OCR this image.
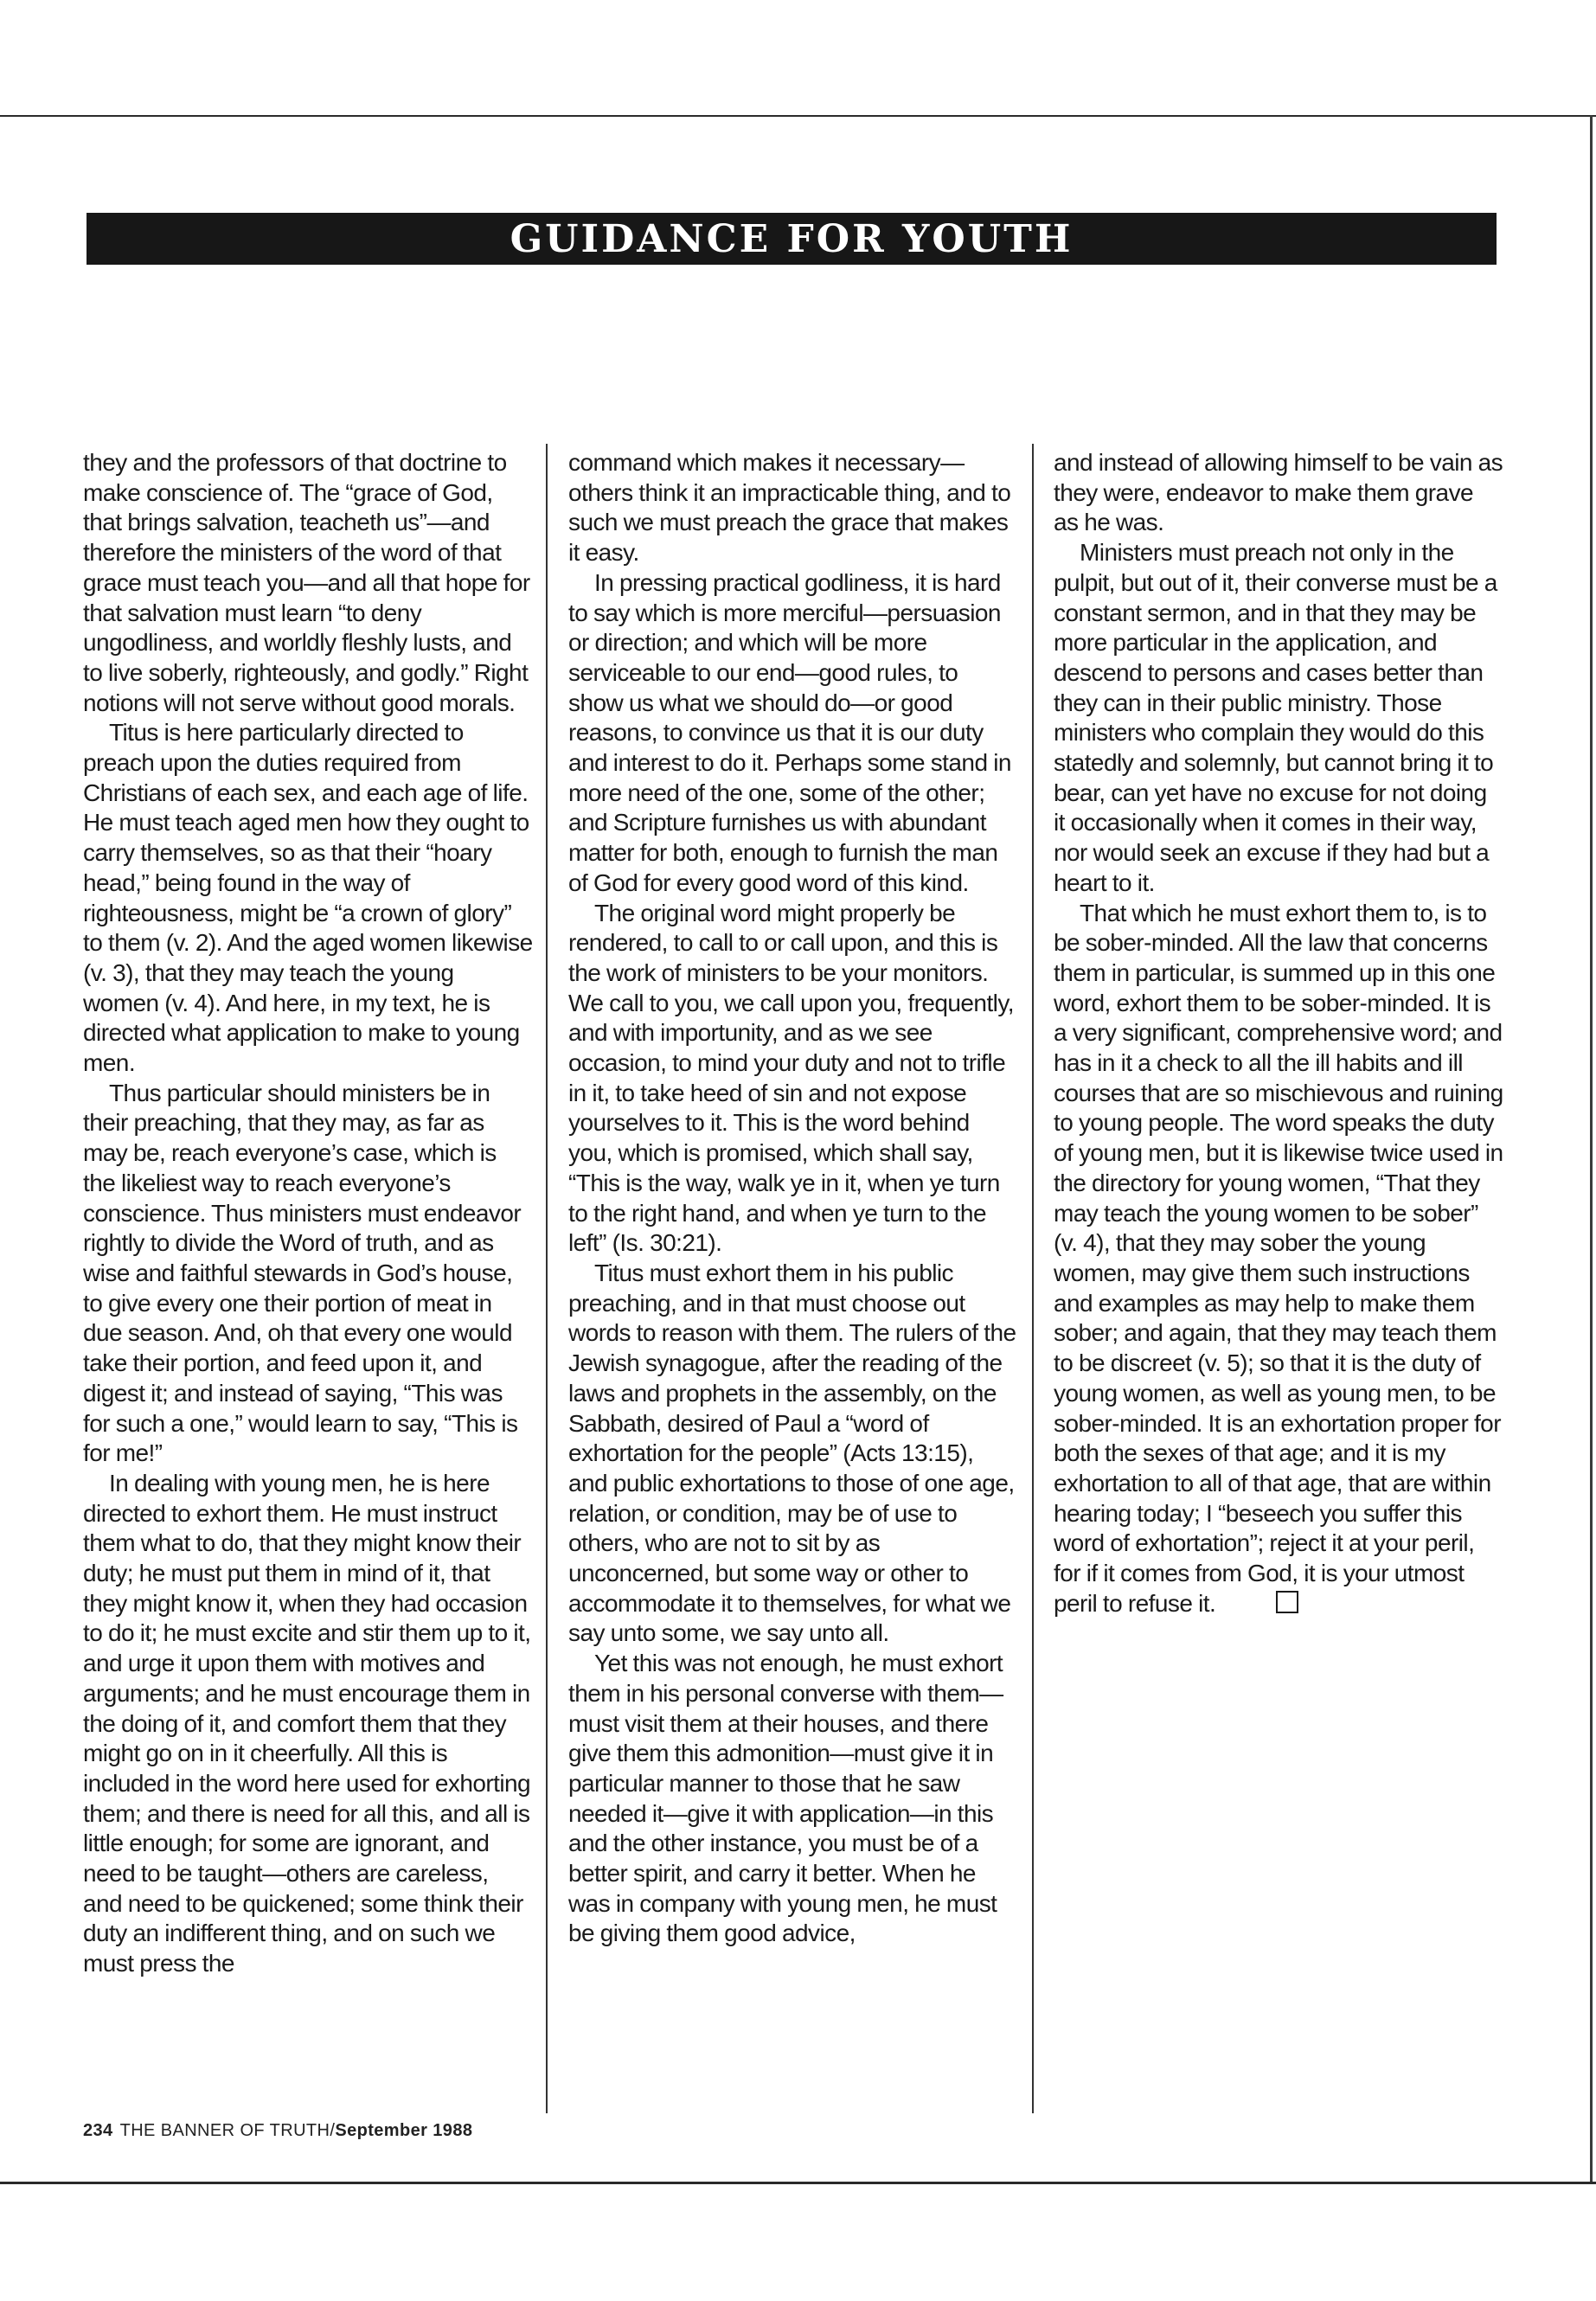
GUIDANCE FOR YOUTH

they and the professors of that doctrine to make conscience of. The “grace of God, that brings salvation, teacheth us”—and therefore the ministers of the word of that grace must teach you—and all that hope for that salvation must learn “to deny ungodliness, and worldly fleshly lusts, and to live soberly, righteously, and godly.” Right notions will not serve without good morals.

Titus is here particularly directed to preach upon the duties required from Christians of each sex, and each age of life. He must teach aged men how they ought to carry themselves, so as that their “hoary head,” being found in the way of righteousness, might be “a crown of glory” to them (v. 2). And the aged women likewise (v. 3), that they may teach the young women (v. 4). And here, in my text, he is directed what application to make to young men.

Thus particular should ministers be in their preaching, that they may, as far as may be, reach everyone’s case, which is the likeliest way to reach everyone’s conscience. Thus ministers must endeavor rightly to divide the Word of truth, and as wise and faithful stewards in God’s house, to give every one their portion of meat in due season. And, oh that every one would take their portion, and feed upon it, and digest it; and instead of saying, “This was for such a one,” would learn to say, “This is for me!”

In dealing with young men, he is here directed to exhort them. He must instruct them what to do, that they might know their duty; he must put them in mind of it, that they might know it, when they had occasion to do it; he must excite and stir them up to it, and urge it upon them with motives and arguments; and he must encourage them in the doing of it, and comfort them that they might go on in it cheerfully. All this is included in the word here used for exhorting them; and there is need for all this, and all is little enough; for some are ignorant, and need to be taught—others are careless, and need to be quickened; some think their duty an indifferent thing, and on such we must press the

command which makes it necessary—others think it an impracticable thing, and to such we must preach the grace that makes it easy.

In pressing practical godliness, it is hard to say which is more merciful—persuasion or direction; and which will be more serviceable to our end—good rules, to show us what we should do—or good reasons, to convince us that it is our duty and interest to do it. Perhaps some stand in more need of the one, some of the other; and Scripture furnishes us with abundant matter for both, enough to furnish the man of God for every good word of this kind.

The original word might properly be rendered, to call to or call upon, and this is the work of ministers to be your monitors. We call to you, we call upon you, frequently, and with importunity, and as we see occasion, to mind your duty and not to trifle in it, to take heed of sin and not expose yourselves to it. This is the word behind you, which is promised, which shall say, “This is the way, walk ye in it, when ye turn to the right hand, and when ye turn to the left” (Is. 30:21).

Titus must exhort them in his public preaching, and in that must choose out words to reason with them. The rulers of the Jewish synagogue, after the reading of the laws and prophets in the assembly, on the Sabbath, desired of Paul a “word of exhortation for the people” (Acts 13:15), and public exhortations to those of one age, relation, or condition, may be of use to others, who are not to sit by as unconcerned, but some way or other to accommodate it to themselves, for what we say unto some, we say unto all.

Yet this was not enough, he must exhort them in his personal converse with them—must visit them at their houses, and there give them this admonition—must give it in particular manner to those that he saw needed it—give it with application—in this and the other instance, you must be of a better spirit, and carry it better. When he was in company with young men, he must be giving them good advice,

and instead of allowing himself to be vain as they were, endeavor to make them grave as he was.

Ministers must preach not only in the pulpit, but out of it, their converse must be a constant sermon, and in that they may be more particular in the application, and descend to persons and cases better than they can in their public ministry. Those ministers who complain they would do this statedly and solemnly, but cannot bring it to bear, can yet have no excuse for not doing it occasionally when it comes in their way, nor would seek an excuse if they had but a heart to it.

That which he must exhort them to, is to be sober-minded. All the law that concerns them in particular, is summed up in this one word, exhort them to be sober-minded. It is a very significant, comprehensive word; and has in it a check to all the ill habits and ill courses that are so mischievous and ruining to young people. The word speaks the duty of young men, but it is likewise twice used in the directory for young women, “That they may teach the young women to be sober” (v. 4), that they may sober the young women, may give them such instructions and examples as may help to make them sober; and again, that they may teach them to be discreet (v. 5); so that it is the duty of young women, as well as young men, to be sober-minded. It is an exhortation proper for both the sexes of that age; and it is my exhortation to all of that age, that are within hearing today; I “beseech you suffer this word of exhortation”; reject it at your peril, for if it comes from God, it is your utmost peril to refuse it.

234 THE BANNER OF TRUTH/September 1988
